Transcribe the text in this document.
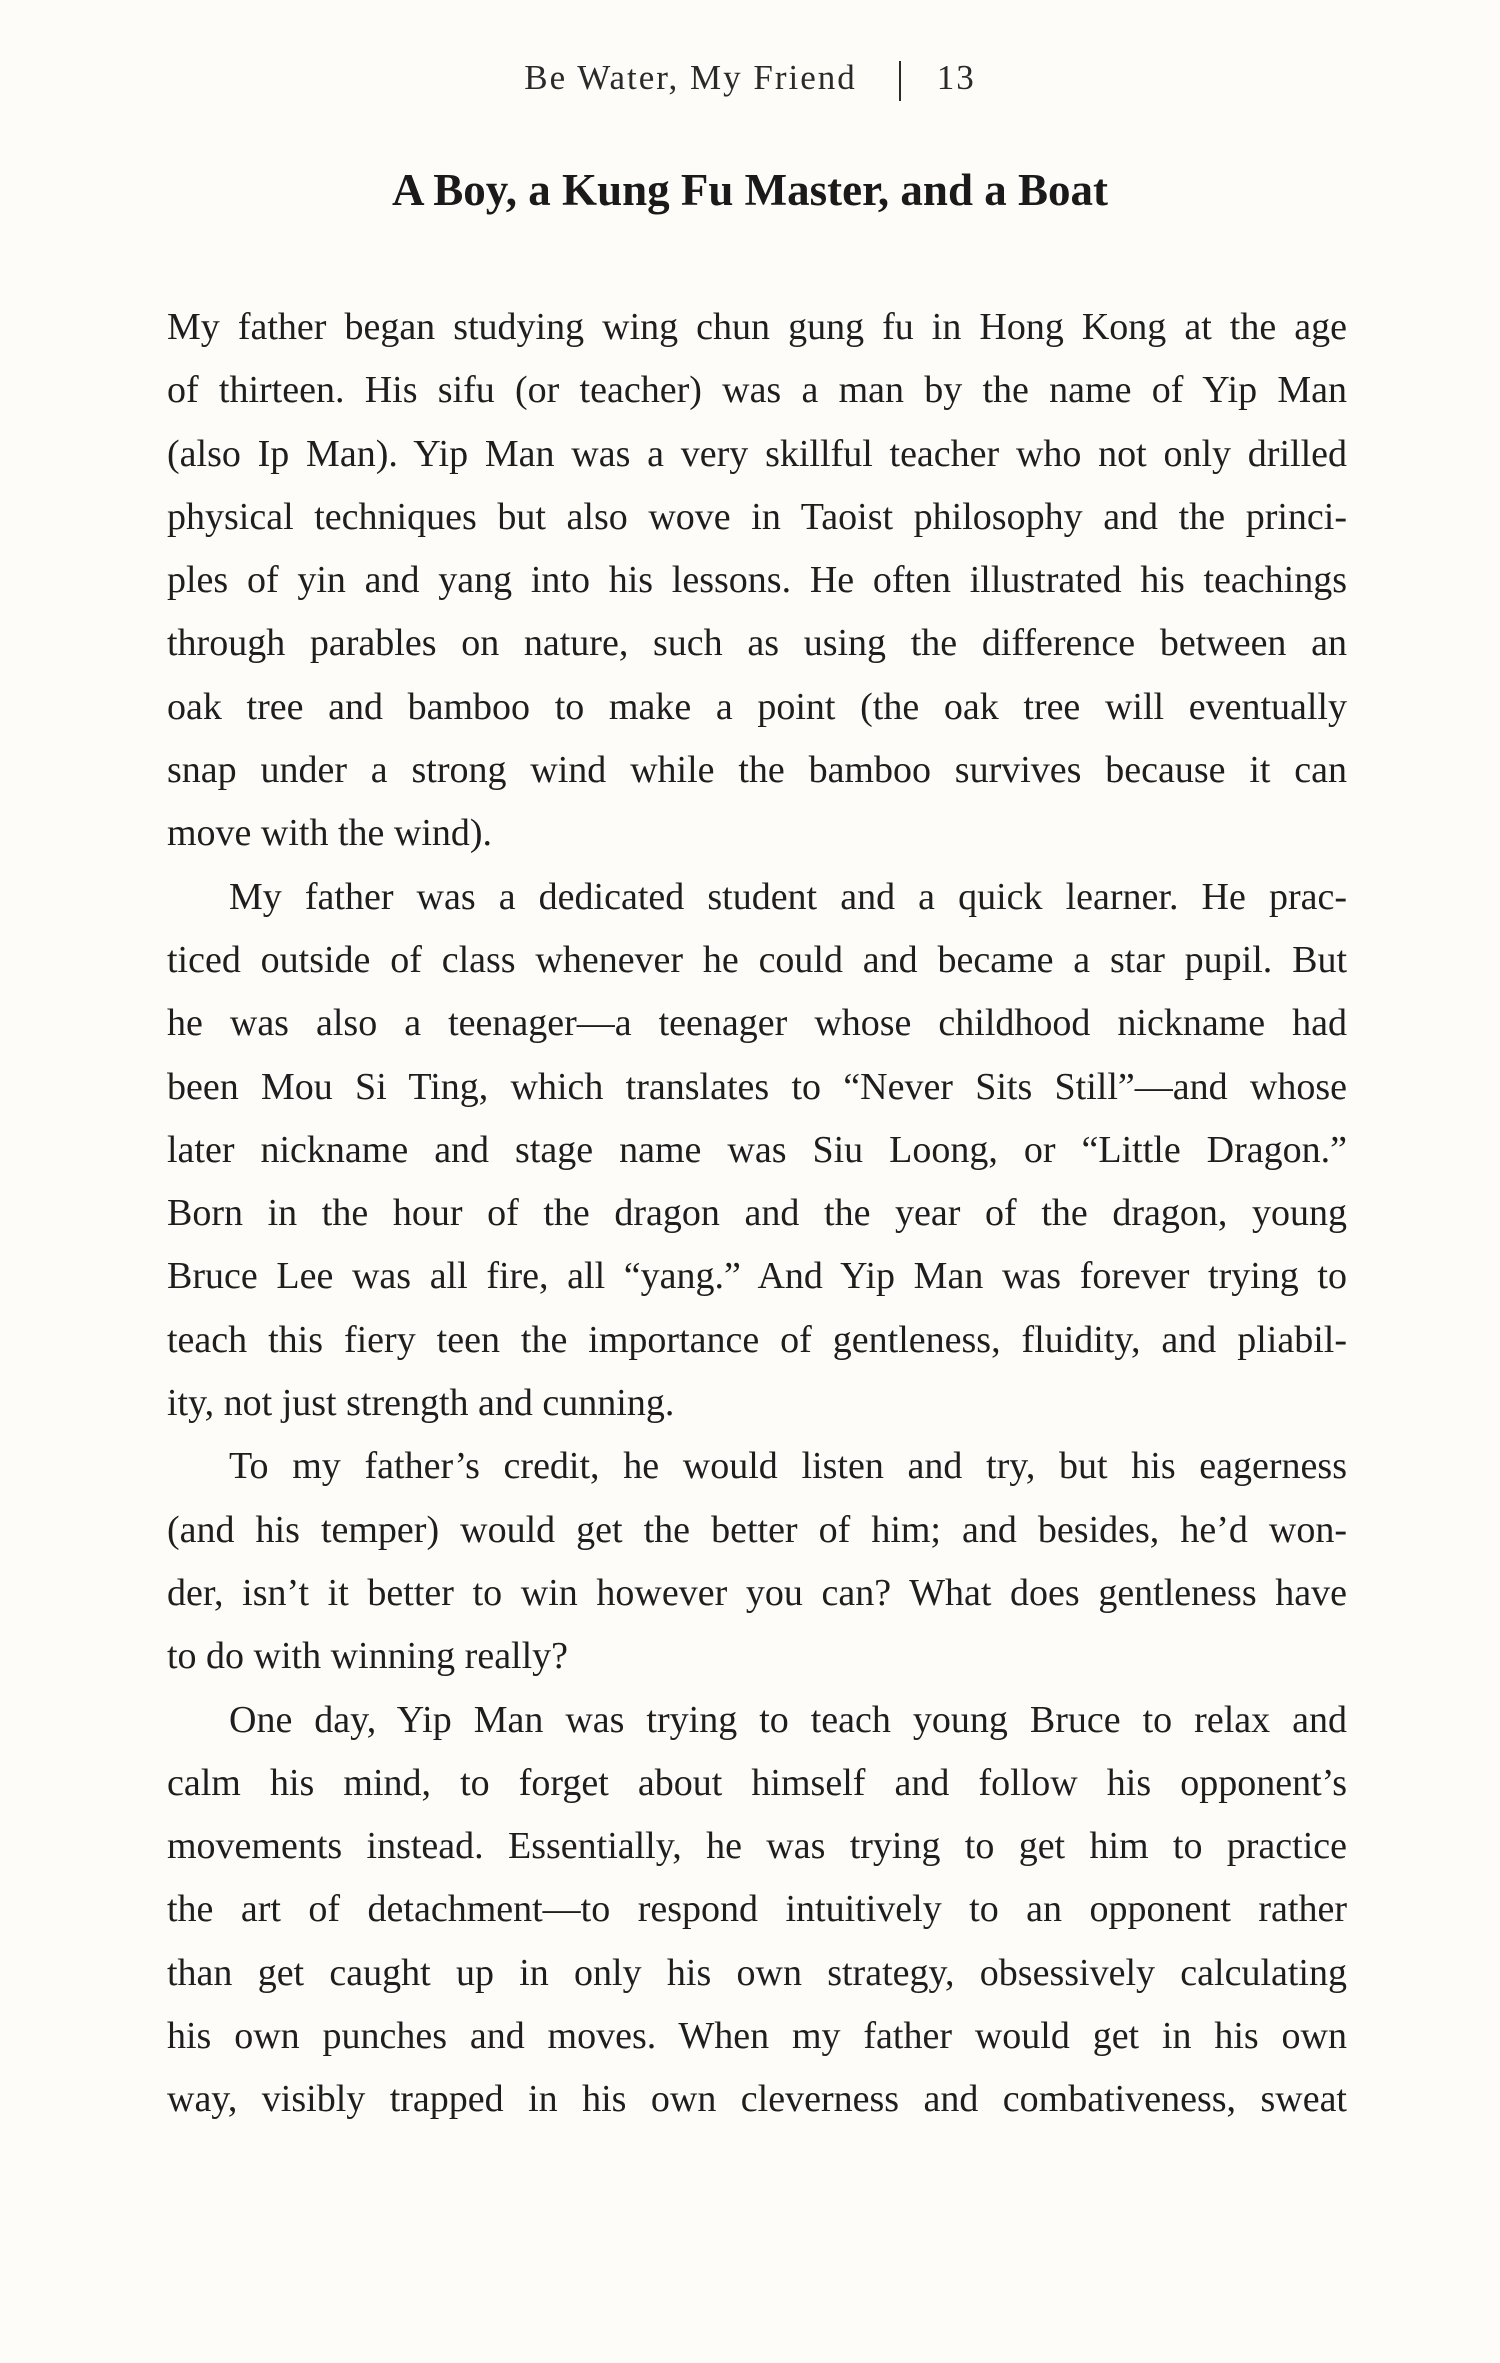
Be Water, My Friend 13
A Boy, a Kung Fu Master, and a Boat

My father began studying wing chun gung fu in Hong Kong at the age
of thirteen. His sifu (or teacher) was a man by the name of Yip Man
(also Ip Man). Yip Man was a very skillful teacher who not only drilled
physical techniques but also wove in Taoist philosophy and the princi-
ples of yin and yang into his lessons. He often illustrated his teachings
through parables on nature, such as using the difference between an
oak tree and bamboo to make a point (the oak tree will eventually
snap under a strong wind while the bamboo survives because it can
move with the wind).

My father was a dedicated student and a quick learner. He prac-
ticed outside of class whenever he could and became a star pupil. But
he was also a teenager—a teenager whose childhood nickname had
been Mou Si Ting, which translates to “Never Sits Still”—and whose
later nickname and stage name was Siu Loong, or “Little Dragon.”
Born in the hour of the dragon and the year of the dragon, young
Bruce Lee was all fire, all “yang.” And Yip Man was forever trying to
teach this fiery teen the importance of gentleness, fluidity, and pliabil-
ity, not just strength and cunning.

To my father’s credit, he would listen and try, but his eagerness
(and his temper) would get the better of him; and besides, he’d won-
der, isn’t it better to win however you can? What does gentleness have
to do with winning really?

One day, Yip Man was trying to teach young Bruce to relax and
calm his mind, to forget about himself and follow his opponent’s
movements instead. Essentially, he was trying to get him to practice
the art of detachment—to respond intuitively to an opponent rather
than get caught up in only his own strategy, obsessively calculating
his own punches and moves. When my father would get in his own
way, visibly trapped in his own cleverness and combativeness, sweat
